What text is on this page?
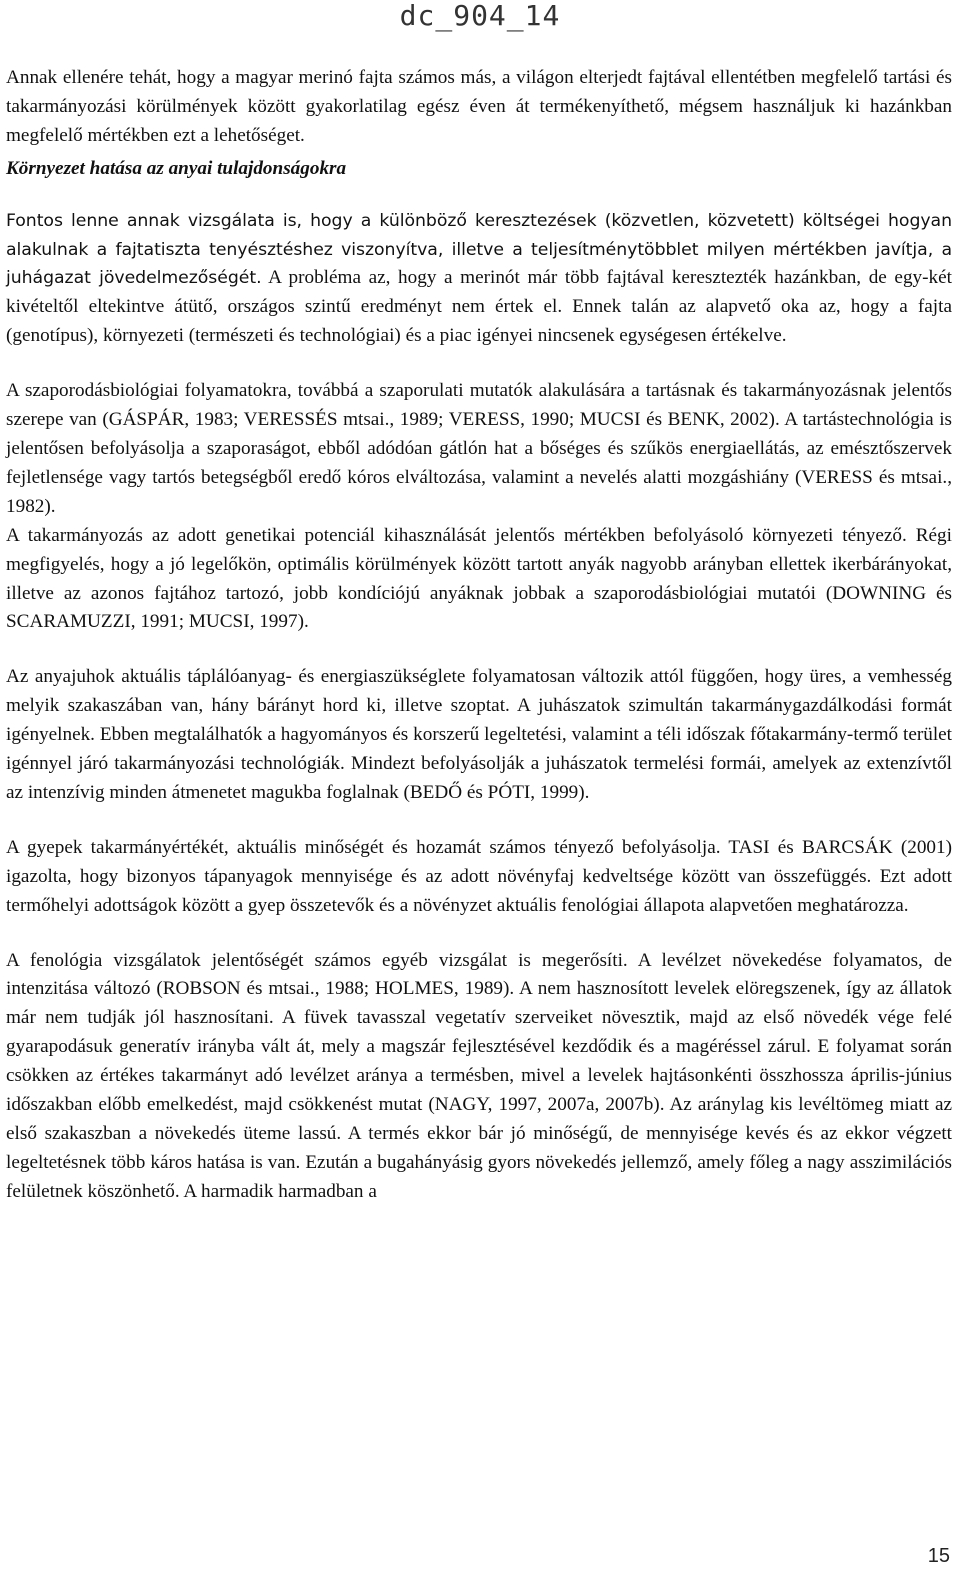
dc_904_14

Annak ellenére tehát, hogy a magyar merinó fajta számos más, a világon elterjedt fajtával ellentétben megfelelő tartási és takarmányozási körülmények között gyakorlatilag egész éven át termékenyíthető, mégsem használjuk ki hazánkban megfelelő mértékben ezt a lehetőséget.

Környezet hatása az anyai tulajdonságokra

Fontos lenne annak vizsgálata is, hogy a különböző keresztezések (közvetlen, közvetett) költségei hogyan alakulnak a fajtatiszta tenyésztéshez viszonyítva, illetve a teljesítménytöbblet milyen mértékben javítja, a juhágazat jövedelmezőségét. A probléma az, hogy a merinót már több fajtával keresztezték hazánkban, de egy-két kivételtől eltekintve átütő, országos szintű eredményt nem értek el. Ennek talán az alapvető oka az, hogy a fajta (genotípus), környezeti (természeti és technológiai) és a piac igényei nincsenek egységesen értékelve.

A szaporodásbiológiai folyamatokra, továbbá a szaporulati mutatók alakulására a tartásnak és takarmányozásnak jelentős szerepe van (GÁSPÁR, 1983; VERESSÉS mtsai., 1989; VERESS, 1990; MUCSI és BENK, 2002). A tartástechnológia is jelentősen befolyásolja a szaporaságot, ebből adódóan gátlón hat a bőséges és szűkös energiaellátás, az emésztőszervek fejletlensége vagy tartós betegségből eredő kóros elváltozása, valamint a nevelés alatti mozgáshiány (VERESS és mtsai., 1982).

A takarmányozás az adott genetikai potenciál kihasználását jelentős mértékben befolyásoló környezeti tényező. Régi megfigyelés, hogy a jó legelőkön, optimális körülmények között tartott anyák nagyobb arányban ellettek ikerbárányokat, illetve az azonos fajtához tartozó, jobb kondíciójú anyáknak jobbak a szaporodásbiológiai mutatói (DOWNING és SCARAMUZZI, 1991; MUCSI, 1997).

Az anyajuhok aktuális táplálóanyag- és energiaszükséglete folyamatosan változik attól függően, hogy üres, a vemhesség melyik szakaszában van, hány bárányt hord ki, illetve szoptat. A juhászatok szimultán takarmánygazdálkodási formát igényelnek. Ebben megtalálhatók a hagyományos és korszerű legeltetési, valamint a téli időszak főtakarmány-termő terület igénnyel járó takarmányozási technológiák. Mindezt befolyásolják a juhászatok termelési formái, amelyek az extenzívtől az intenzívig minden átmenetet magukba foglalnak (BEDŐ és PÓTI, 1999).

A gyepek takarmányértékét, aktuális minőségét és hozamát számos tényező befolyásolja. TASI és BARCSÁK (2001) igazolta, hogy bizonyos tápanyagok mennyisége és az adott növényfaj kedveltsége között van összefüggés. Ezt adott termőhelyi adottságok között a gyep összetevők és a növényzet aktuális fenológiai állapota alapvetően meghatározza.

A fenológia vizsgálatok jelentőségét számos egyéb vizsgálat is megerősíti. A levélzet növekedése folyamatos, de intenzitása változó (ROBSON és mtsai., 1988; HOLMES, 1989). A nem hasznosított levelek elöregszenek, így az állatok már nem tudják jól hasznosítani. A füvek tavasszal vegetatív szerveiket növesztik, majd az első növedék vége felé gyarapodásuk generatív irányba vált át, mely a magszár fejlesztésével kezdődik és a magéréssel zárul. E folyamat során csökken az értékes takarmányt adó levélzet aránya a termésben, mivel a levelek hajtásonkénti összhossza április-június időszakban előbb emelkedést, majd csökkenést mutat (NAGY, 1997, 2007a, 2007b). Az aránylag kis levéltömeg miatt az első szakaszban a növekedés üteme lassú. A termés ekkor bár jó minőségű, de mennyisége kevés és az ekkor végzett legeltetésnek több káros hatása is van. Ezután a bugahányásig gyors növekedés jellemző, amely főleg a nagy asszimilációs felületnek köszönhető. A harmadik harmadban a

15
